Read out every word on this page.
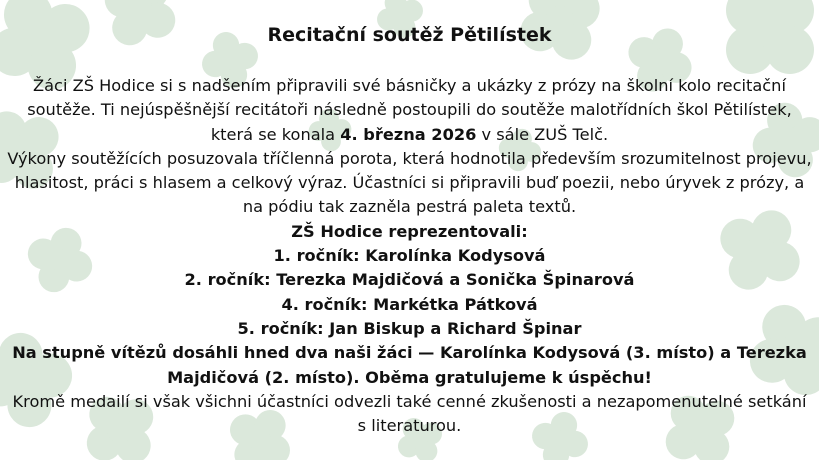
Recitační soutěž Pětilístek

Žáci ZŠ Hodice si s nadšením připravili své básničky a ukázky z prózy na školní kolo recitační soutěže. Ti nejúspěšnější recitátoři následně postoupili do soutěže malotřídních škol Pětilístek, která se konala 4. března 2026 v sále ZUŠ Telč.

Výkony soutěžících posuzovala tříčlenná porota, která hodnotila především srozumitelnost projevu, hlasitost, práci s hlasem a celkový výraz. Účastníci si připravili buď poezii, nebo úryvek z prózy, a na pódiu tak zazněla pestrá paleta textů.

ZŠ Hodice reprezentovali:

1. ročník: Karolínka Kodysová

2. ročník: Terezka Majdičová a Sonička Špinarová

4. ročník: Markétka Pátková

5. ročník: Jan Biskup a Richard Špinar

Na stupně vítězů dosáhli hned dva naši žáci — Karolínka Kodysová (3. místo) a Terezka Majdičová (2. místo). Oběma gratulujeme k úspěchu!

Kromě medailí si však všichni účastníci odvezli také cenné zkušenosti a nezapomenutelné setkání s literaturou.
